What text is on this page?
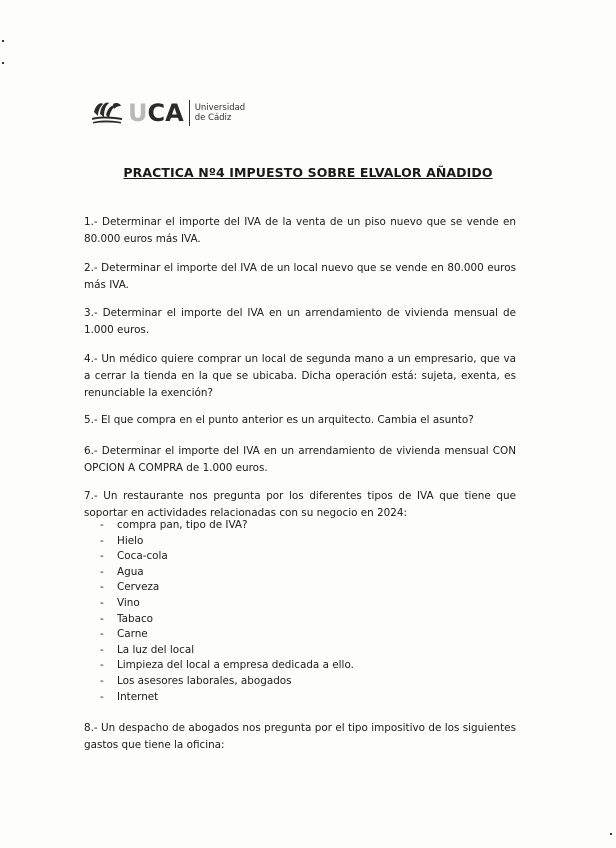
UCA Universidad
de Cádiz
PRACTICA Nº4 IMPUESTO SOBRE ELVALOR AÑADIDO

1.- Determinar el importe del IVA de la venta de un piso nuevo que se vende en 80.000 euros más IVA.

2.- Determinar el importe del IVA de un local nuevo que se vende en 80.000 euros más IVA.

3.- Determinar el importe del IVA en un arrendamiento de vivienda mensual de 1.000 euros.

4.- Un médico quiere comprar un local de segunda mano a un empresario, que va a cerrar la tienda en la que se ubicaba. Dicha operación está: sujeta, exenta, es renunciable la exención?

5.- El que compra en el punto anterior es un arquitecto. Cambia el asunto?

6.- Determinar el importe del IVA en un arrendamiento de vivienda mensual CON OPCION A COMPRA de 1.000 euros.

7.- Un restaurante nos pregunta por los diferentes tipos de IVA que tiene que soportar en actividades relacionadas con su negocio en 2024:

-	compra pan, tipo de IVA?
-	Hielo
-	Coca-cola
-	Agua
-	Cerveza
-	Vino
-	Tabaco
-	Carne
-	La luz del local
-	Limpieza del local a empresa dedicada a ello.
-	Los asesores laborales, abogados
-	Internet

8.- Un despacho de abogados nos pregunta por el tipo impositivo de los siguientes gastos que tiene la oficina:
